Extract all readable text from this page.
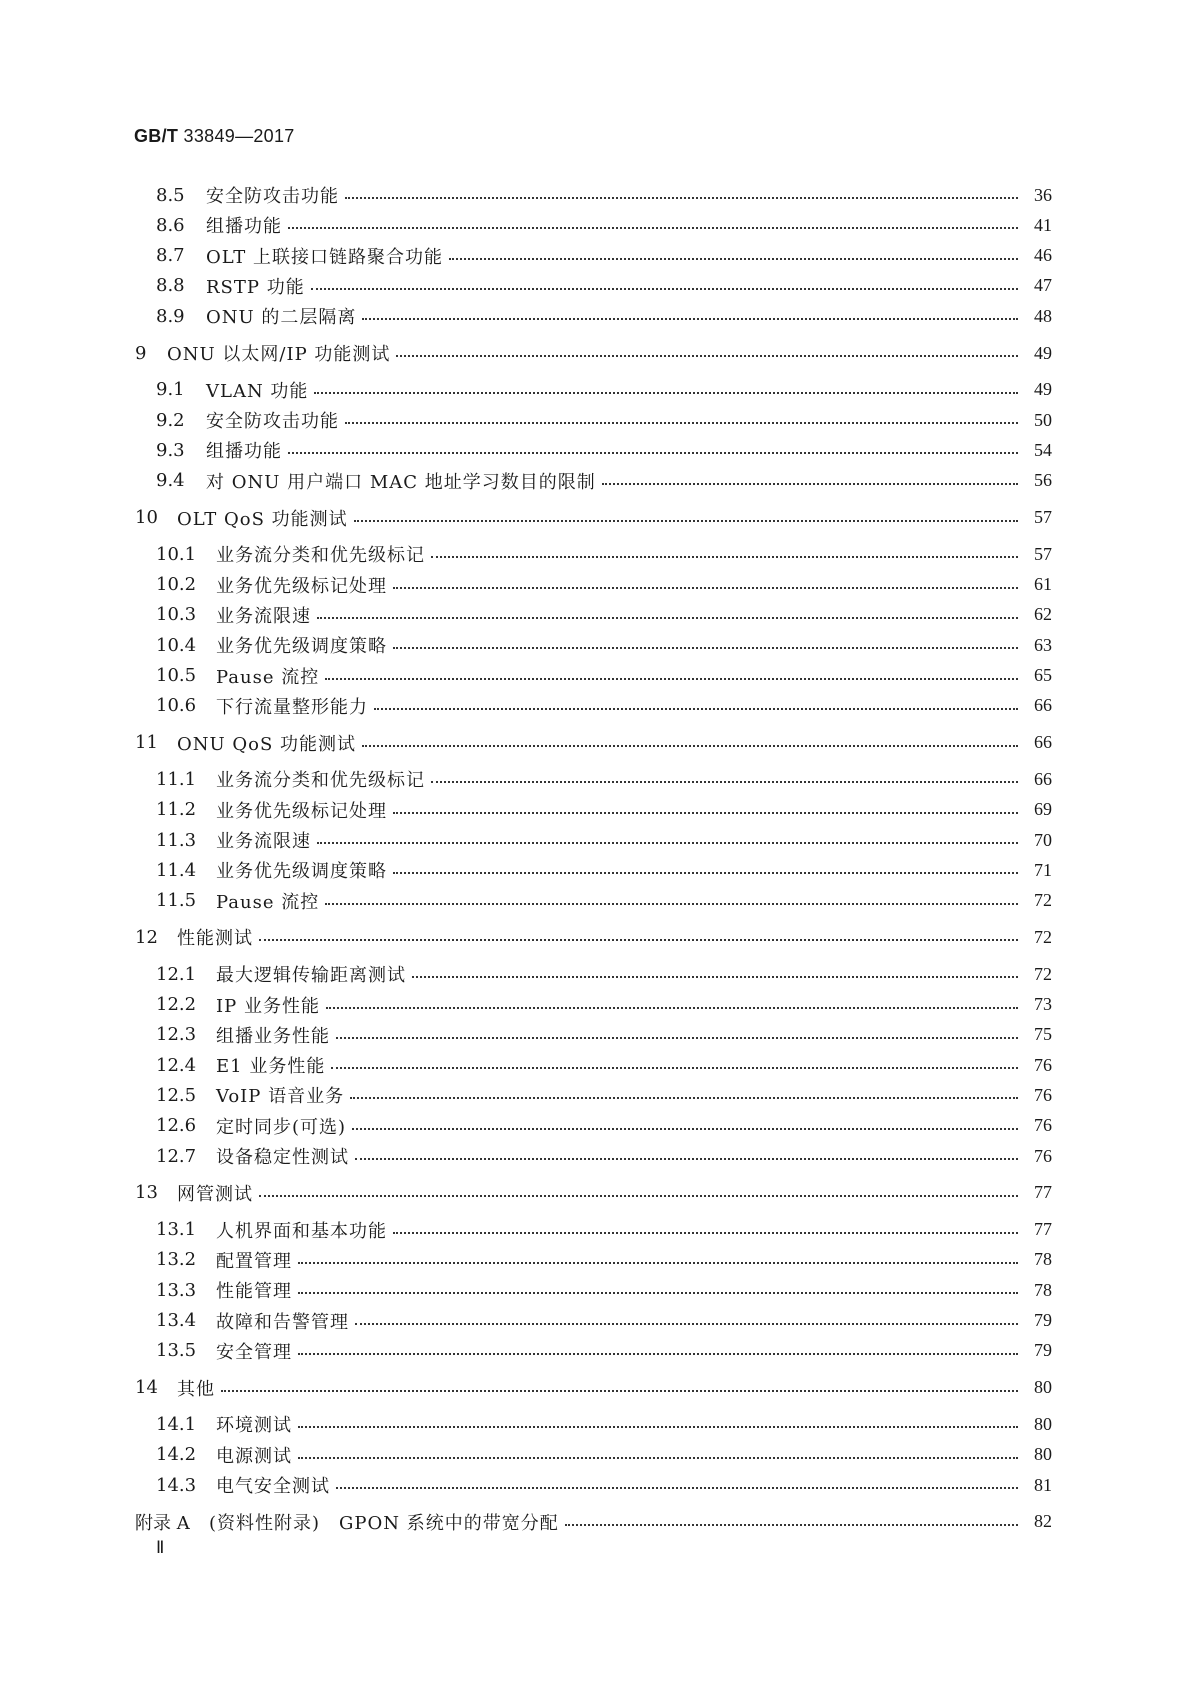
GB/T 33849—2017
8.5	安全防攻击功能	36
8.6	组播功能	41
8.7	OLT 上联接口链路聚合功能	46
8.8	RSTP 功能	47
8.9	ONU 的二层隔离	48
9	ONU 以太网/IP 功能测试	49
9.1	VLAN 功能	49
9.2	安全防攻击功能	50
9.3	组播功能	54
9.4	对 ONU 用户端口 MAC 地址学习数目的限制	56
10	OLT QoS 功能测试	57
10.1	业务流分类和优先级标记	57
10.2	业务优先级标记处理	61
10.3	业务流限速	62
10.4	业务优先级调度策略	63
10.5	Pause 流控	65
10.6	下行流量整形能力	66
11	ONU QoS 功能测试	66
11.1	业务流分类和优先级标记	66
11.2	业务优先级标记处理	69
11.3	业务流限速	70
11.4	业务优先级调度策略	71
11.5	Pause 流控	72
12	性能测试	72
12.1	最大逻辑传输距离测试	72
12.2	IP 业务性能	73
12.3	组播业务性能	75
12.4	E1 业务性能	76
12.5	VoIP 语音业务	76
12.6	定时同步(可选)	76
12.7	设备稳定性测试	76
13	网管测试	77
13.1	人机界面和基本功能	77
13.2	配置管理	78
13.3	性能管理	78
13.4	故障和告警管理	79
13.5	安全管理	79
14	其他	80
14.1	环境测试	80
14.2	电源测试	80
14.3	电气安全测试	81
附录 A	(资料性附录)　GPON 系统中的带宽分配	82
Ⅱ
